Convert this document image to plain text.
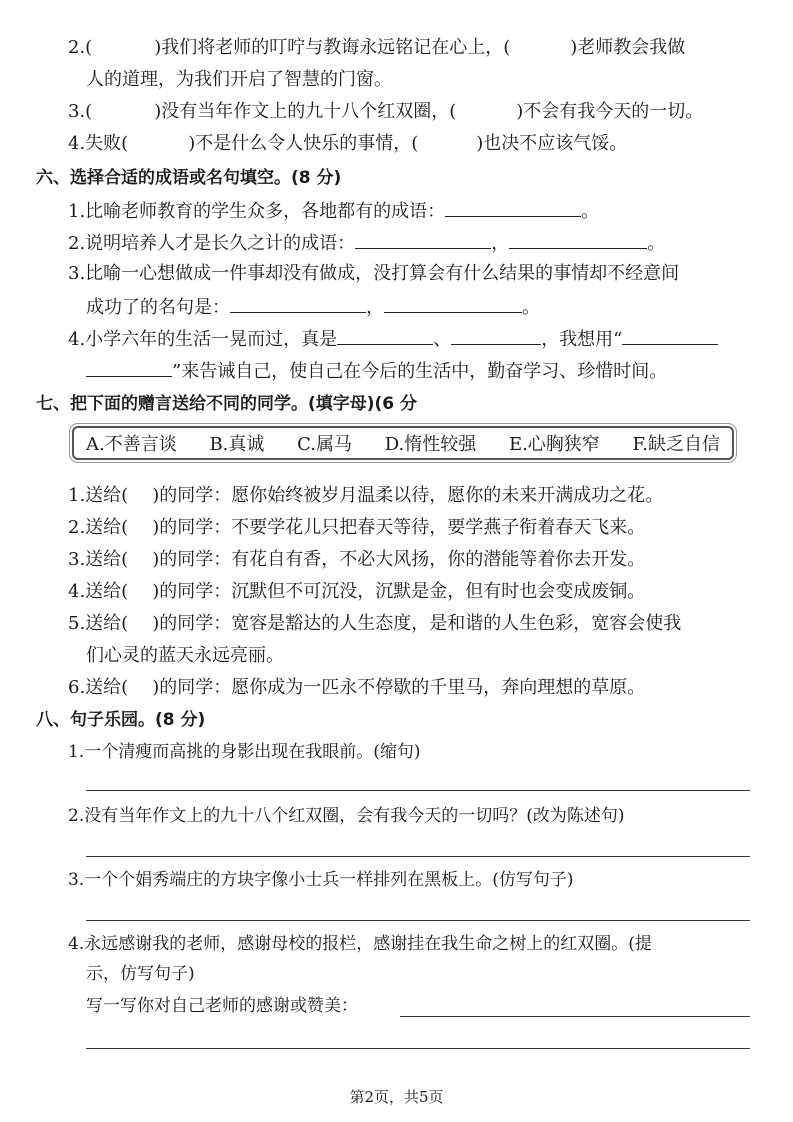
2.(	)我们将老师的叮咛与教诲永远铭记在心上，(	)老师教会我做
人的道理，为我们开启了智慧的门窗。
3.(	)没有当年作文上的九十八个红双圈，(	)不会有我今天的一切。
4.失败(	)不是什么令人快乐的事情，(	)也决不应该气馁。
六、选择合适的成语或名句填空。(8 分)
1.比喻老师教育的学生众多，各地都有的成语：	。
2.说明培养人才是长久之计的成语：	，	。
3.比喻一心想做成一件事却没有做成，没打算会有什么结果的事情却不经意间
成功了的名句是：	，	。
4.小学六年的生活一晃而过，真是	、	，我想用“
”来告诫自己，使自己在今后的生活中，勤奋学习、珍惜时间。
七、把下面的赠言送给不同的同学。(填字母)(6 分
A.不善言谈 B.真诚 C.属马 D.惰性较强 E.心胸狭窄 F.缺乏自信
1.送给( )的同学：愿你始终被岁月温柔以待，愿你的未来开满成功之花。
2.送给( )的同学：不要学花儿只把春天等待，要学燕子衔着春天飞来。
3.送给( )的同学：有花自有香，不必大风扬，你的潜能等着你去开发。
4.送给( )的同学：沉默但不可沉没，沉默是金，但有时也会变成废铜。
5.送给( )的同学：宽容是豁达的人生态度，是和谐的人生色彩，宽容会使我
们心灵的蓝天永远亮丽。
6.送给( )的同学：愿你成为一匹永不停歇的千里马，奔向理想的草原。
八、句子乐园。(8 分)
1.一个清瘦而高挑的身影出现在我眼前。(缩句)
2.没有当年作文上的九十八个红双圈，会有我今天的一切吗？(改为陈述句)
3.一个个娟秀端庄的方块字像小士兵一样排列在黑板上。(仿写句子)
4.永远感谢我的老师，感谢母校的报栏，感谢挂在我生命之树上的红双圈。(提
示，仿写句子)
写一写你对自己老师的感谢或赞美：
第2页，共5页
